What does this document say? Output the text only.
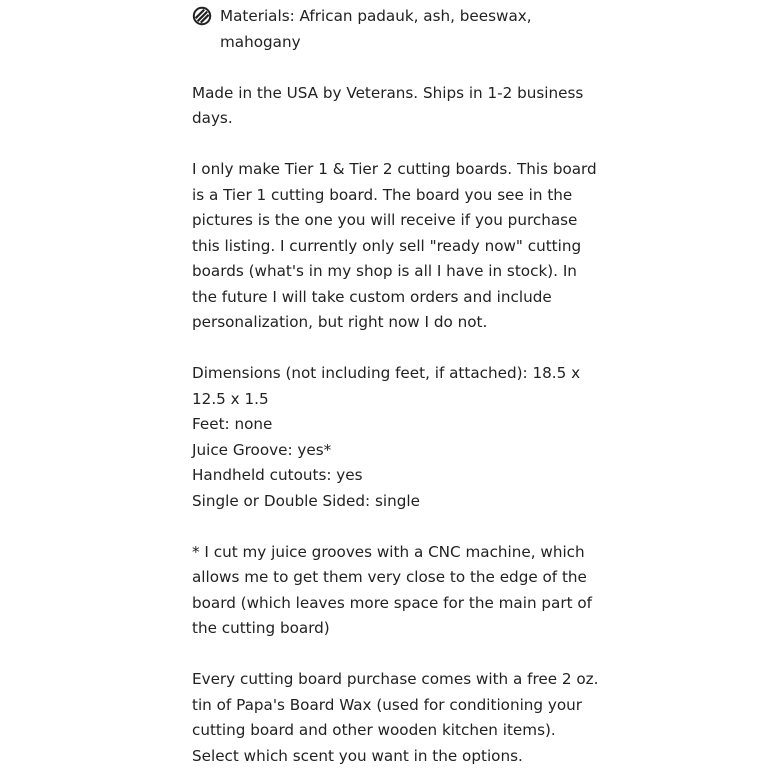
Materials: African padauk, ash, beeswax, mahogany

Made in the USA by Veterans. Ships in 1-2 business days.

I only make Tier 1 & Tier 2 cutting boards. This board is a Tier 1 cutting board. The board you see in the pictures is the one you will receive if you purchase this listing. I currently only sell "ready now" cutting boards (what's in my shop is all I have in stock). In the future I will take custom orders and include personalization, but right now I do not.

Dimensions (not including feet, if attached): 18.5 x 12.5 x 1.5
Feet: none
Juice Groove: yes*
Handheld cutouts: yes
Single or Double Sided: single

* I cut my juice grooves with a CNC machine, which allows me to get them very close to the edge of the board (which leaves more space for the main part of the cutting board)

Every cutting board purchase comes with a free 2 oz. tin of Papa's Board Wax (used for conditioning your cutting board and other wooden kitchen items). Select which scent you want in the options.
